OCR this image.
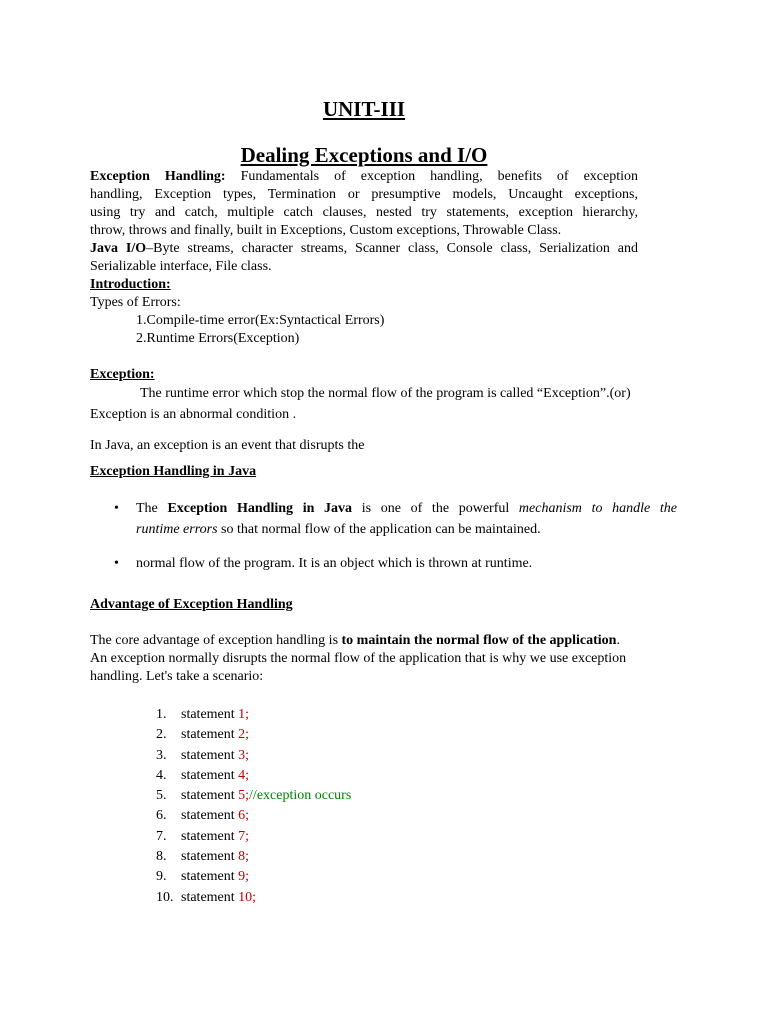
UNIT-III
Dealing Exceptions and I/O
Exception Handling: Fundamentals of exception handling, benefits of exception
handling, Exception types, Termination or presumptive models, Uncaught exceptions,
using try and catch, multiple catch clauses, nested try statements, exception hierarchy,
throw, throws and finally, built in Exceptions, Custom exceptions, Throwable Class.
Java I/O–Byte streams, character streams, Scanner class, Console class, Serialization and
Serializable interface, File class.
Introduction:
Types of Errors:
1.Compile-time error(Ex:Syntactical Errors)
2.Runtime Errors(Exception)
Exception:
The runtime error which stop the normal flow of the program is called “Exception”.(or)
Exception is an abnormal condition .
In Java, an exception is an event that disrupts the
Exception Handling in Java
• The Exception Handling in Java is one of the powerful mechanism to handle the
runtime errors so that normal flow of the application can be maintained.
• normal flow of the program. It is an object which is thrown at runtime.
Advantage of Exception Handling
The core advantage of exception handling is to maintain the normal flow of the application.
An exception normally disrupts the normal flow of the application that is why we use exception
handling. Let's take a scenario:
1. statement 1;
2. statement 2;
3. statement 3;
4. statement 4;
5. statement 5;//exception occurs
6. statement 6;
7. statement 7;
8. statement 8;
9. statement 9;
10. statement 10;
